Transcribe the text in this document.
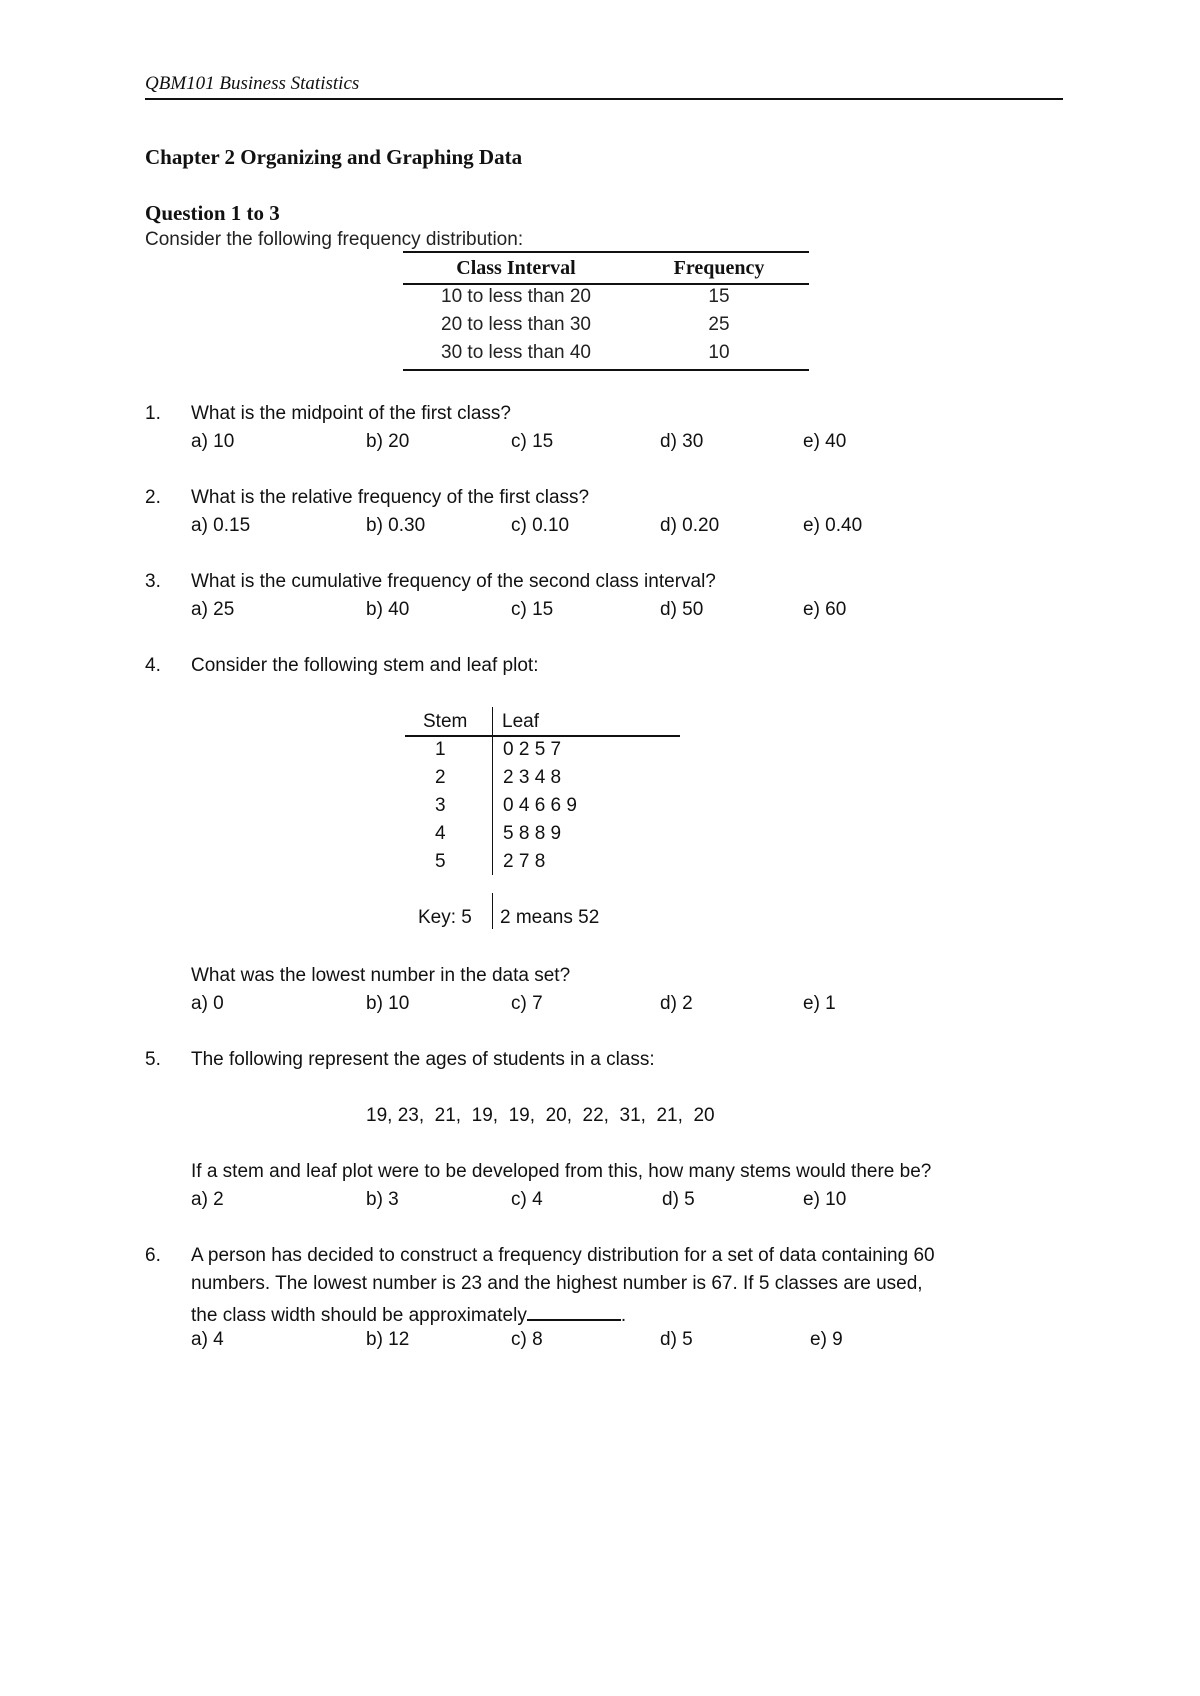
QBM101 Business Statistics
Chapter 2 Organizing and Graphing Data
Question 1 to 3
Consider the following frequency distribution:
Class Interval	Frequency
10 to less than 20	15
20 to less than 30	25
30 to less than 40	10
1. What is the midpoint of the first class?
a) 10	b) 20	c) 15	d) 30	e) 40
2. What is the relative frequency of the first class?
a) 0.15	b) 0.30	c) 0.10	d) 0.20	e) 0.40
3. What is the cumulative frequency of the second class interval?
a) 25	b) 40	c) 15	d) 50	e) 60
4. Consider the following stem and leaf plot:
Stem Leaf
1	0 2 5 7
2	2 3 4 8
3	0 4 6 6 9
4	5 8 8 9
5	2 7 8
Key: 5 2 means 52
What was the lowest number in the data set?
a) 0	b) 10	c) 7	d) 2	e) 1
5. The following represent the ages of students in a class:
19, 23,  21,  19,  19,  20,  22,  31,  21,  20
If a stem and leaf plot were to be developed from this, how many stems would there be?
a) 2	b) 3	c) 4	d) 5	e) 10
6. A person has decided to construct a frequency distribution for a set of data containing 60
numbers. The lowest number is 23 and the highest number is 67. If 5 classes are used,
the class width should be approximately	.
a) 4	b) 12	c) 8	d) 5	e) 9
